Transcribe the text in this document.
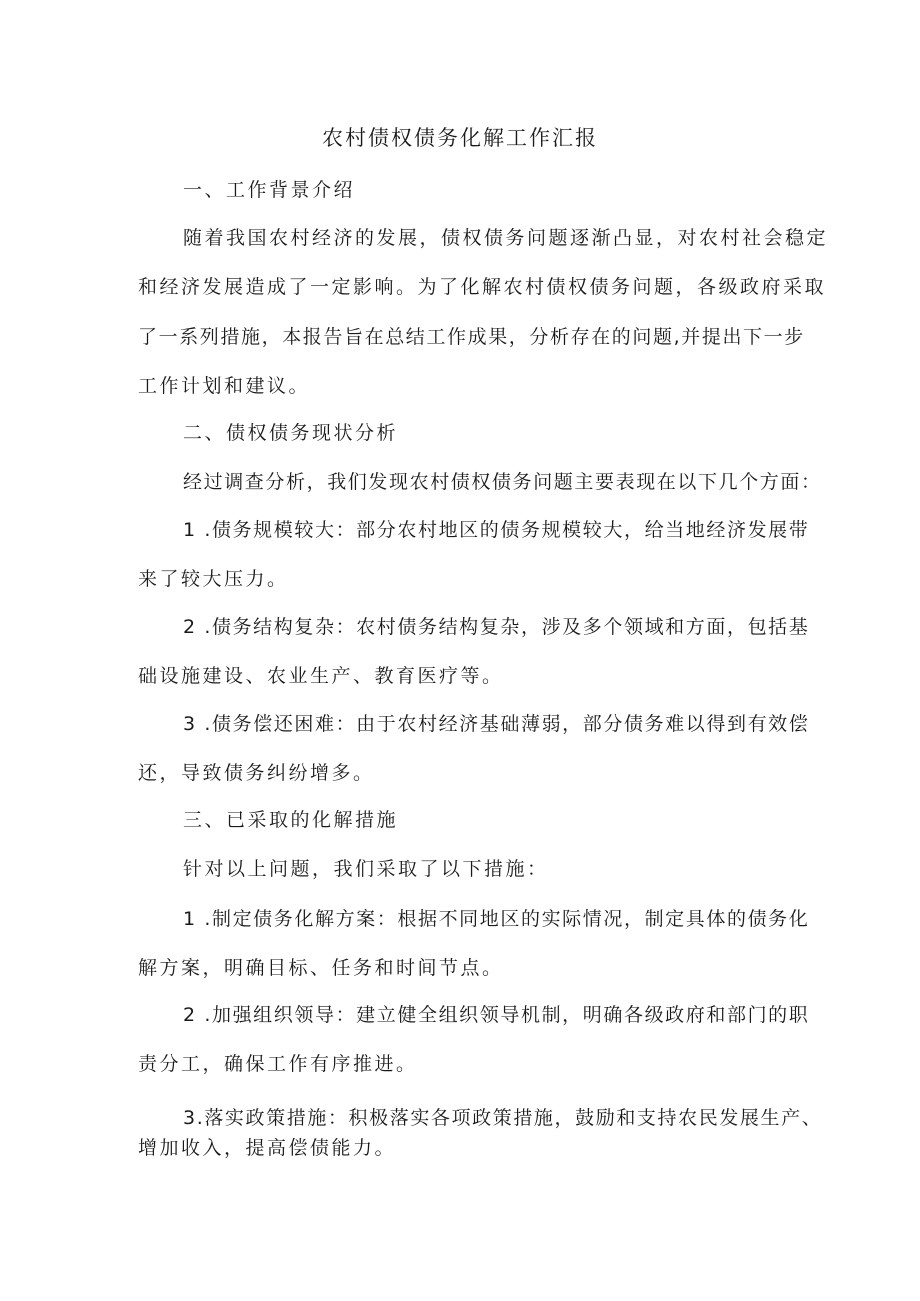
农村债权债务化解工作汇报
一、工作背景介绍
随着我国农村经济的发展，债权债务问题逐渐凸显，对农村社会稳定
和经济发展造成了一定影响。为了化解农村债权债务问题，各级政府采取
了一系列措施，本报告旨在总结工作成果，分析存在的问题,并提出下一步
工作计划和建议。
二、债权债务现状分析
经过调查分析，我们发现农村债权债务问题主要表现在以下几个方面：
1 .债务规模较大：部分农村地区的债务规模较大，给当地经济发展带
来了较大压力。
2 .债务结构复杂：农村债务结构复杂，涉及多个领域和方面，包括基
础设施建设、农业生产、教育医疗等。
3 .债务偿还困难：由于农村经济基础薄弱，部分债务难以得到有效偿
还，导致债务纠纷增多。
三、已采取的化解措施
针对以上问题，我们采取了以下措施：
1 .制定债务化解方案：根据不同地区的实际情况，制定具体的债务化
解方案，明确目标、任务和时间节点。
2 .加强组织领导：建立健全组织领导机制，明确各级政府和部门的职
责分工，确保工作有序推进。
3.落实政策措施：积极落实各项政策措施，鼓励和支持农民发展生产、
增加收入，提高偿债能力。
